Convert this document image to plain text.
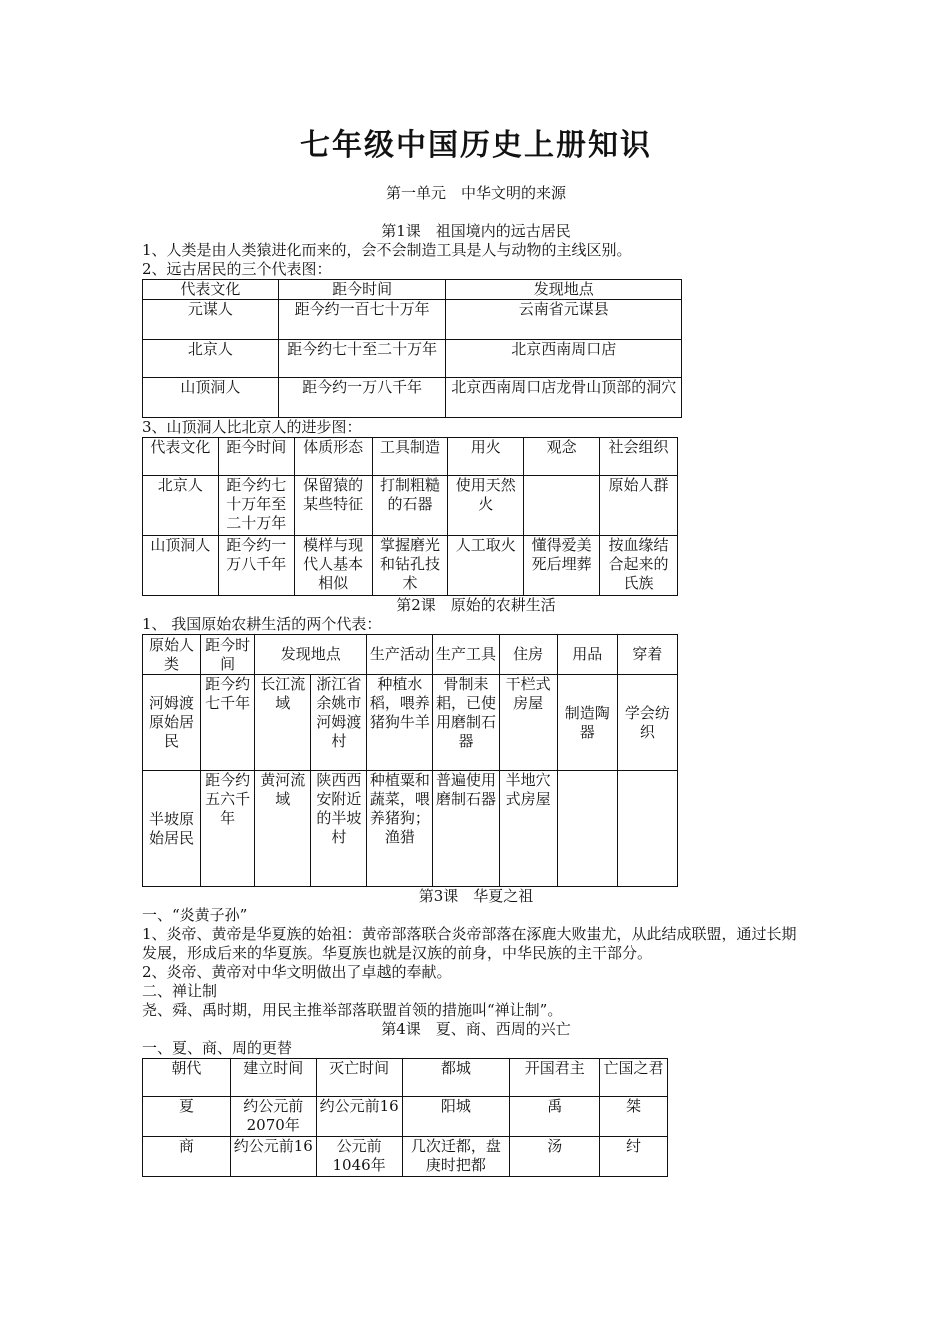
七年级中国历史上册知识
第一单元　中华文明的来源
第1课　祖国境内的远古居民
1、人类是由人类猿进化而来的，会不会制造工具是人与动物的主线区别。
2、远古居民的三个代表图：
代表文化	距今时间	发现地点
元谋人	距今约一百七十万年	云南省元谋县
北京人	距今约七十至二十万年	北京西南周口店
山顶洞人	距今约一万八千年	北京西南周口店龙骨山顶部的洞穴
3、山顶洞人比北京人的进步图：
代表文化	距今时间	体质形态	工具制造	用火	观念	社会组织
北京人	距今约七十万年至二十万年	保留猿的某些特征	打制粗糙的石器	使用天然火		原始人群
山顶洞人	距今约一万八千年	模样与现代人基本相似	掌握磨光和钻孔技术	人工取火	懂得爱美死后埋葬	按血缘结合起来的氏族
第2课　原始的农耕生活
1、 我国原始农耕生活的两个代表：
原始人类	距今时间	发现地点		生产活动	生产工具	住房	用品	穿着
河姆渡原始居民	距今约七千年	长江流域	浙江省余姚市河姆渡村	种植水稻，喂养猪狗牛羊	骨制耒耜，已使用磨制石器	干栏式房屋	制造陶器	学会纺织
半坡原始居民	距今约五六千年	黄河流域	陕西西安附近的半坡村	种植粟和蔬菜，喂养猪狗；渔猎	普遍使用磨制石器	半地穴式房屋		
第3课　华夏之祖
一、“炎黄子孙”
1、炎帝、黄帝是华夏族的始祖：黄帝部落联合炎帝部落在涿鹿大败蚩尤，从此结成联盟，通过长期发展，形成后来的华夏族。华夏族也就是汉族的前身，中华民族的主干部分。
2、炎帝、黄帝对中华文明做出了卓越的奉献。
二、禅让制
尧、舜、禹时期，用民主推举部落联盟首领的措施叫“禅让制”。
第4课　夏、商、西周的兴亡
一、夏、商、周的更替
朝代	建立时间	灭亡时间	都城	开国君主	亡国之君
夏	约公元前2070年	约公元前16	阳城	禹	桀
商	约公元前16	公元前1046年	几次迁都，盘庚时把都	汤	纣
